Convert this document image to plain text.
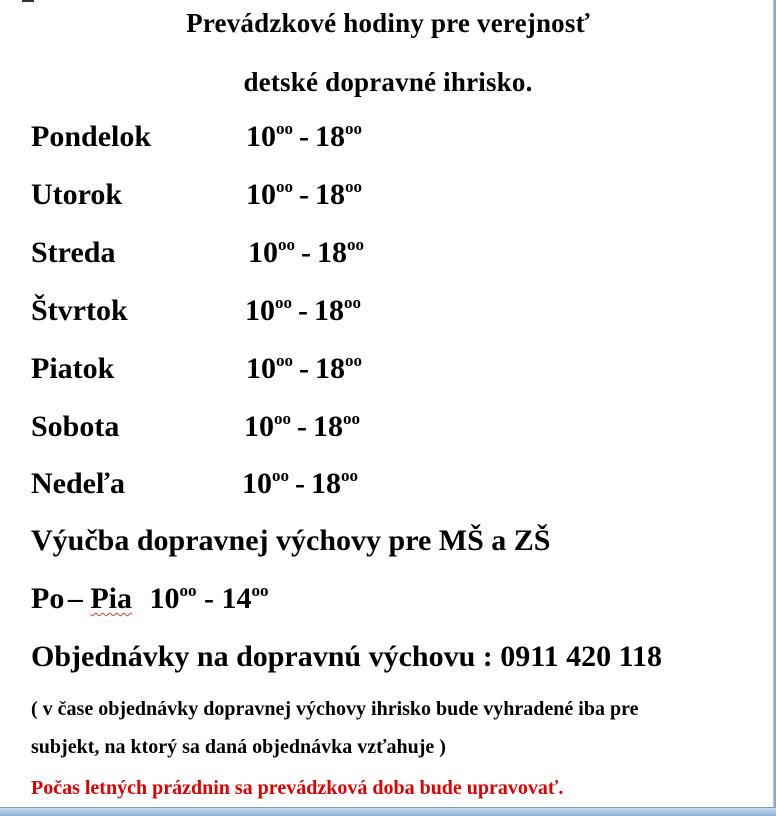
Prevádzkové hodiny pre verejnosť
detské dopravné ihrisko.
Pondelok	$10^{oo} - 18^{oo}$
Utorok	$10^{oo} - 18^{oo}$
Streda	$10^{oo} - 18^{oo}$
Štvrtok	$10^{oo} - 18^{oo}$
Piatok	$10^{oo} - 18^{oo}$
Sobota	$10^{oo} - 18^{oo}$
Nedeľa	$10^{oo} - 18^{oo}$
Výučba dopravnej výchovy pre MŠ a ZŠ
Po – Pia $10^{oo} - 14^{oo}$
Objednávky na dopravnú výchovu : 0911 420 118
( v čase objednávky dopravnej výchovy ihrisko bude vyhradené iba pre
subjekt, na ktorý sa daná objednávka vzťahuje )
Počas letných prázdnin sa prevádzková doba bude upravovať.
